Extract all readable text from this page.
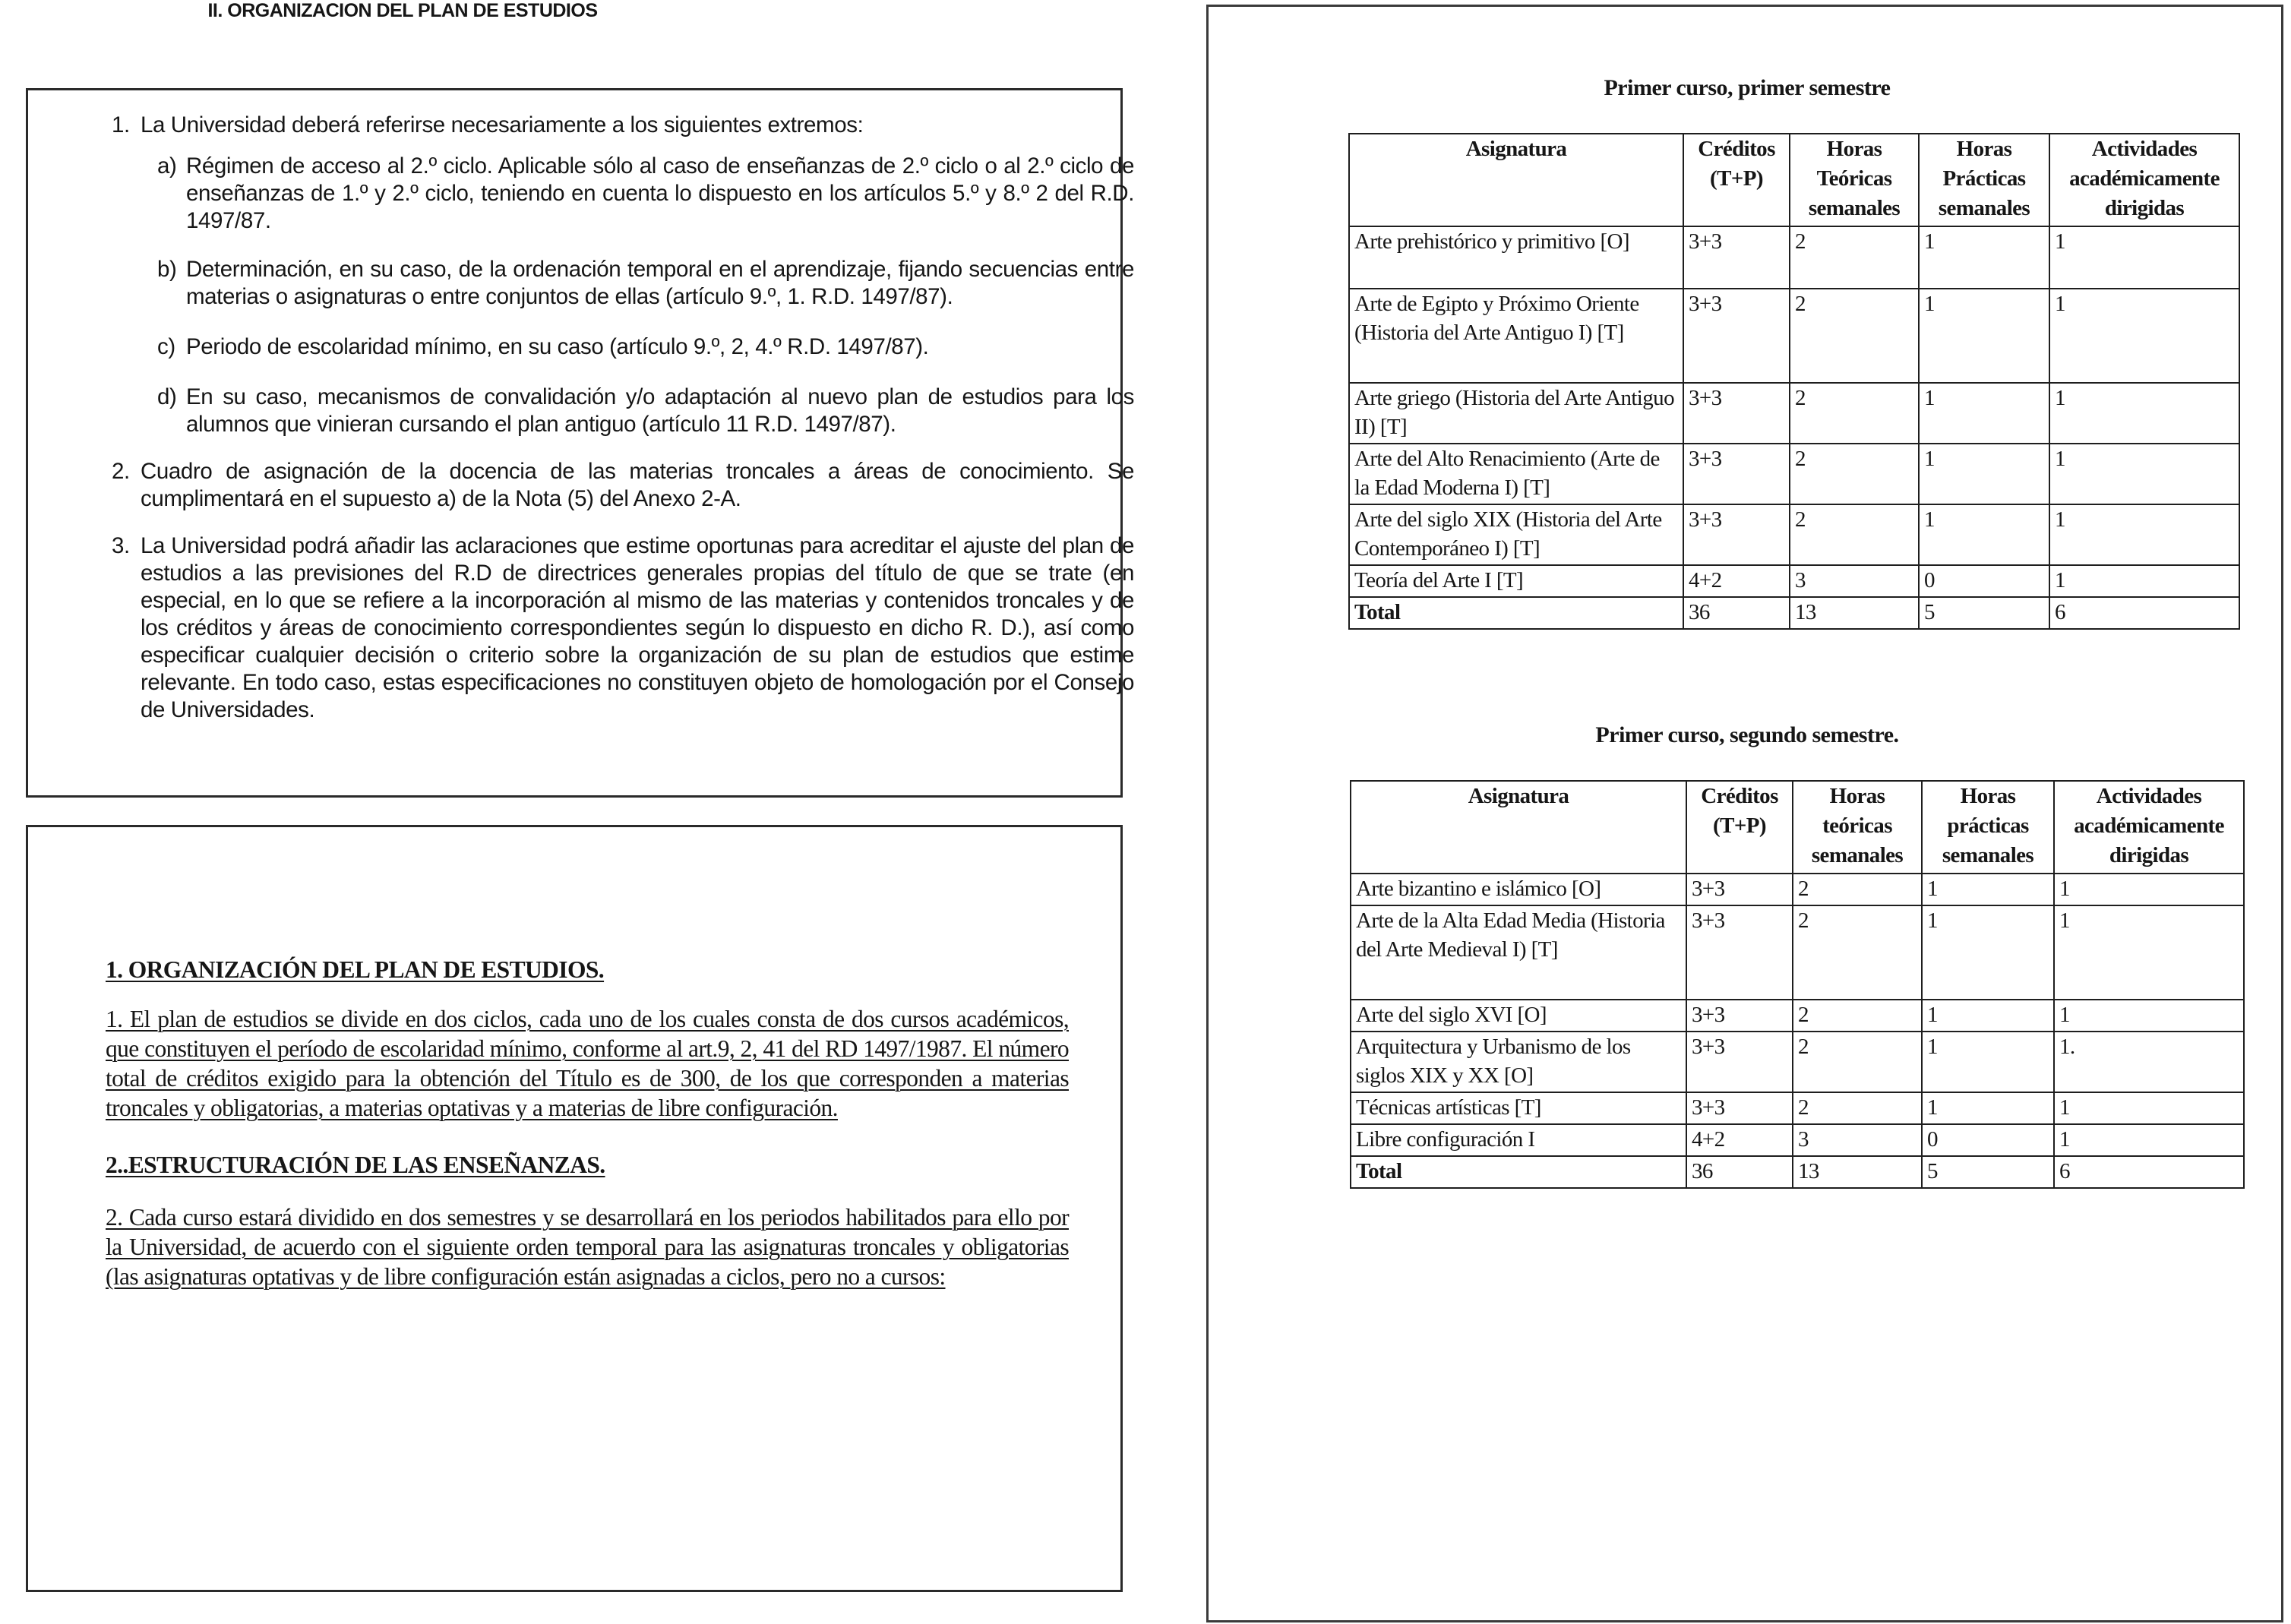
II. ORGANIZACION DEL PLAN DE ESTUDIOS
1. La Universidad deberá referirse necesariamente a los siguientes extremos:
a) Régimen de acceso al 2.º ciclo. Aplicable sólo al caso de enseñanzas de 2.º ciclo o al 2.º ciclo de enseñanzas de 1.º y 2.º ciclo, teniendo en cuenta lo dispuesto en los artículos 5.º y 8.º 2 del R.D. 1497/87.
b) Determinación, en su caso, de la ordenación temporal en el aprendizaje, fijando secuencias entre materias o asignaturas o entre conjuntos de ellas (artículo 9.º, 1. R.D. 1497/87).
c) Periodo de escolaridad mínimo, en su caso (artículo 9.º, 2, 4.º R.D. 1497/87).
d) En su caso, mecanismos de convalidación y/o adaptación al nuevo plan de estudios para los alumnos que vinieran cursando el plan antiguo (artículo 11 R.D. 1497/87).
2. Cuadro de asignación de la docencia de las materias troncales a áreas de conocimiento. Se cumplimentará en el supuesto a) de la Nota (5) del Anexo 2-A.
3. La Universidad podrá añadir las aclaraciones que estime oportunas para acreditar el ajuste del plan de estudios a las previsiones del R.D de directrices generales propias del título de que se trate (en especial, en lo que se refiere a la incorporación al mismo de las materias y contenidos troncales y de los créditos y áreas de conocimiento correspondientes según lo dispuesto en dicho R. D.), así como especificar cualquier decisión o criterio sobre la organización de su plan de estudios que estime relevante. En todo caso, estas especificaciones no constituyen objeto de homologación por el Consejo de Universidades.
1. ORGANIZACIÓN DEL PLAN DE ESTUDIOS.
1. El plan de estudios se divide en dos ciclos, cada uno de los cuales consta de dos cursos académicos, que constituyen el período de escolaridad mínimo, conforme al art.9, 2, 41 del RD 1497/1987. El número total de créditos exigido para la obtención del Título es de 300, de los que corresponden a materias troncales y obligatorias, a materias optativas y a materias de libre configuración.
2..ESTRUCTURACIÓN DE LAS ENSEÑANZAS.
2. Cada curso estará dividido en dos semestres y se desarrollará en los periodos habilitados para ello por la Universidad, de acuerdo con el siguiente orden temporal para las asignaturas troncales y obligatorias (las asignaturas optativas y de libre configuración están asignadas a ciclos, pero no a cursos:
Primer curso, primer semestre
Asignatura	Créditos (T+P)	Horas Teóricas semanales	Horas Prácticas semanales	Actividades académicamente dirigidas
Arte prehistórico y primitivo [O]	3+3	2	1	1
Arte de Egipto y Próximo Oriente (Historia del Arte Antiguo I) [T]	3+3	2	1	1
Arte griego (Historia del Arte Antiguo II) [T]	3+3	2	1	1
Arte del Alto Renacimiento (Arte de la Edad Moderna I) [T]	3+3	2	1	1
Arte del siglo XIX (Historia del Arte Contemporáneo I) [T]	3+3	2	1	1
Teoría del Arte I [T]	4+2	3	0	1
Total	36	13	5	6
Primer curso, segundo semestre.
Asignatura	Créditos (T+P)	Horas teóricas semanales	Horas prácticas semanales	Actividades académicamente dirigidas
Arte bizantino e islámico [O]	3+3	2	1	1
Arte de la Alta Edad Media (Historia del Arte Medieval I) [T]	3+3	2	1	1
Arte del siglo XVI [O]	3+3	2	1	1
Arquitectura y Urbanismo de los siglos XIX y XX [O]	3+3	2	1	1.
Técnicas artísticas [T]	3+3	2	1	1
Libre configuración I	4+2	3	0	1
Total	36	13	5	6
